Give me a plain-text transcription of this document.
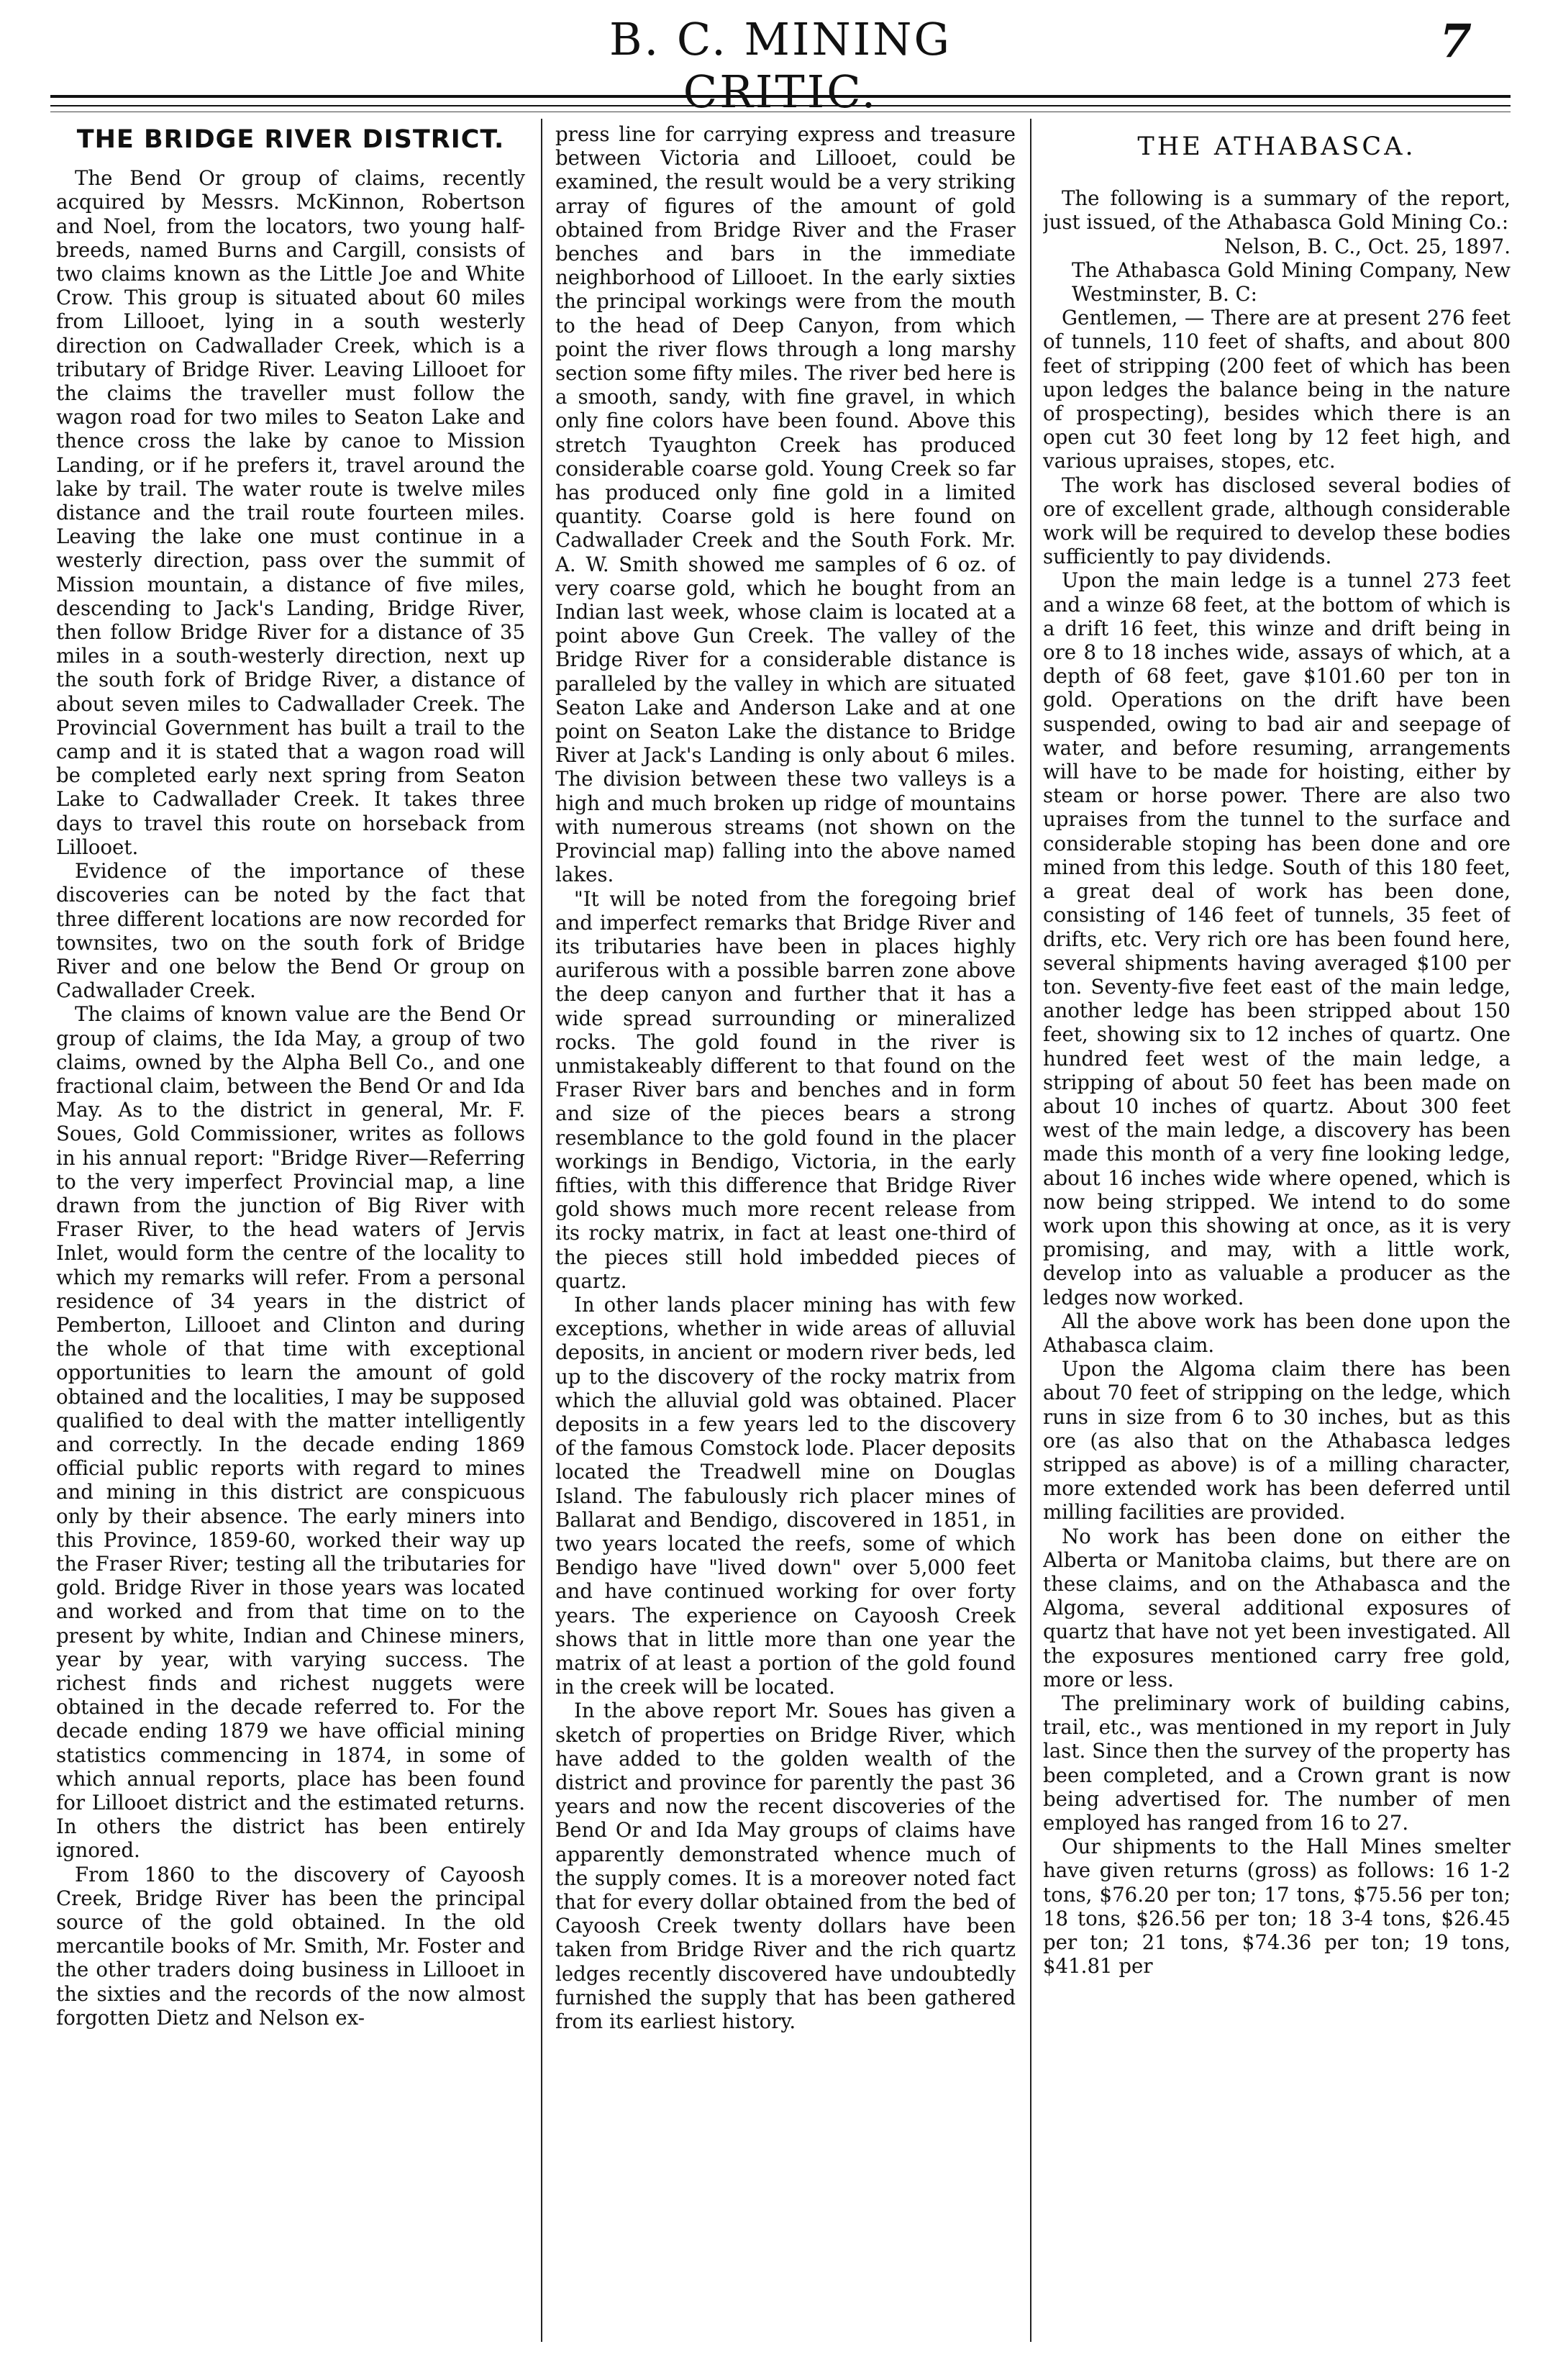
B. C. MINING CRITIC.
7
THE BRIDGE RIVER DISTRICT.

The Bend Or group of claims, recently acquired by Messrs. McKinnon, Robertson and Noel, from the locators, two young half-breeds, named Burns and Cargill, consists of two claims known as the Little Joe and White Crow. This group is situated about 60 miles from Lillooet, lying in a south westerly direction on Cadwallader Creek, which is a tributary of Bridge River. Leaving Lillooet for the claims the traveller must follow the wagon road for two miles to Seaton Lake and thence cross the lake by canoe to Mission Landing, or if he prefers it, travel around the lake by trail. The water route is twelve miles distance and the trail route fourteen miles. Leaving the lake one must continue in a westerly direction, pass over the summit of Mission mountain, a distance of five miles, descending to Jack's Landing, Bridge River, then follow Bridge River for a distance of 35 miles in a south-westerly direction, next up the south fork of Bridge River, a distance of about seven miles to Cadwallader Creek. The Provincial Government has built a trail to the camp and it is stated that a wagon road will be completed early next spring from Seaton Lake to Cadwallader Creek. It takes three days to travel this route on horseback from Lillooet.

Evidence of the importance of these discoveries can be noted by the fact that three different locations are now recorded for townsites, two on the south fork of Bridge River and one below the Bend Or group on Cadwallader Creek.

The claims of known value are the Bend Or group of claims, the Ida May, a group of two claims, owned by the Alpha Bell Co., and one fractional claim, between the Bend Or and Ida May. As to the district in general, Mr. F. Soues, Gold Commissioner, writes as follows in his annual report: "Bridge River—Referring to the very imperfect Provincial map, a line drawn from the junction of Big River with Fraser River, to the head waters of Jervis Inlet, would form the centre of the locality to which my remarks will refer. From a personal residence of 34 years in the district of Pemberton, Lillooet and Clinton and during the whole of that time with exceptional opportunities to learn the amount of gold obtained and the localities, I may be supposed qualified to deal with the matter intelligently and correctly. In the decade ending 1869 official public reports with regard to mines and mining in this district are conspicuous only by their absence. The early miners into this Province, 1859-60, worked their way up the Fraser River; testing all the tributaries for gold. Bridge River in those years was located and worked and from that time on to the present by white, Indian and Chinese miners, year by year, with varying success. The richest finds and richest nuggets were obtained in the decade referred to. For the decade ending 1879 we have official mining statistics commencing in 1874, in some of which annual reports, place has been found for Lillooet district and the estimated returns. In others the district has been entirely ignored.

From 1860 to the discovery of Cayoosh Creek, Bridge River has been the principal source of the gold obtained. In the old mercantile books of Mr. Smith, Mr. Foster and the other traders doing business in Lillooet in the sixties and the records of the now almost forgotten Dietz and Nelson ex-

press line for carrying express and treasure between Victoria and Lillooet, could be examined, the result would be a very striking array of figures of the amount of gold obtained from Bridge River and the Fraser benches and bars in the immediate neighborhood of Lillooet. In the early sixties the principal workings were from the mouth to the head of Deep Canyon, from which point the river flows through a long marshy section some fifty miles. The river bed here is a smooth, sandy, with fine gravel, in which only fine colors have been found. Above this stretch Tyaughton Creek has produced considerable coarse gold. Young Creek so far has produced only fine gold in a limited quantity. Coarse gold is here found on Cadwallader Creek and the South Fork. Mr. A. W. Smith showed me samples of 6 oz. of very coarse gold, which he bought from an Indian last week, whose claim is located at a point above Gun Creek. The valley of the Bridge River for a considerable distance is paralleled by the valley in which are situated Seaton Lake and Anderson Lake and at one point on Seaton Lake the distance to Bridge River at Jack's Landing is only about 6 miles. The division between these two valleys is a high and much broken up ridge of mountains with numerous streams (not shown on the Provincial map) falling into the above named lakes.

"It will be noted from the foregoing brief and imperfect remarks that Bridge River and its tributaries have been in places highly auriferous with a possible barren zone above the deep canyon and further that it has a wide spread surrounding or mineralized rocks. The gold found in the river is unmistakeably different to that found on the Fraser River bars and benches and in form and size of the pieces bears a strong resemblance to the gold found in the placer workings in Bendigo, Victoria, in the early fifties, with this difference that Bridge River gold shows much more recent release from its rocky matrix, in fact at least one-third of the pieces still hold imbedded pieces of quartz.

In other lands placer mining has with few exceptions, whether in wide areas of alluvial deposits, in ancient or modern river beds, led up to the discovery of the rocky matrix from which the alluvial gold was obtained. Placer deposits in a few years led to the discovery of the famous Comstock lode. Placer deposits located the Treadwell mine on Douglas Island. The fabulously rich placer mines of Ballarat and Bendigo, discovered in 1851, in two years located the reefs, some of which Bendigo have "lived down" over 5,000 feet and have continued working for over forty years. The experience on Cayoosh Creek shows that in little more than one year the matrix of at least a portion of the gold found in the creek will be located.

In the above report Mr. Soues has given a sketch of properties on Bridge River, which have added to the golden wealth of the district and province for parently the past 36 years and now the recent discoveries of the Bend Or and Ida May groups of claims have apparently demonstrated whence much of the supply comes. It is a moreover noted fact that for every dollar obtained from the bed of Cayoosh Creek twenty dollars have been taken from Bridge River and the rich quartz ledges recently discovered have undoubtedly furnished the supply that has been gathered from its earliest history.

THE ATHABASCA.

The following is a summary of the report, just issued, of the Athabasca Gold Mining Co.:

Nelson, B. C., Oct. 25, 1897.

The Athabasca Gold Mining Company, New Westminster, B. C:

Gentlemen, — There are at present 276 feet of tunnels, 110 feet of shafts, and about 800 feet of stripping (200 feet of which has been upon ledges the balance being in the nature of prospecting), besides which there is an open cut 30 feet long by 12 feet high, and various upraises, stopes, etc.

The work has disclosed several bodies of ore of excellent grade, although considerable work will be required to develop these bodies sufficiently to pay dividends.

Upon the main ledge is a tunnel 273 feet and a winze 68 feet, at the bottom of which is a drift 16 feet, this winze and drift being in ore 8 to 18 inches wide, assays of which, at a depth of 68 feet, gave $101.60 per ton in gold. Operations on the drift have been suspended, owing to bad air and seepage of water, and before resuming, arrangements will have to be made for hoisting, either by steam or horse power. There are also two upraises from the tunnel to the surface and considerable stoping has been done and ore mined from this ledge. South of this 180 feet, a great deal of work has been done, consisting of 146 feet of tunnels, 35 feet of drifts, etc. Very rich ore has been found here, several shipments having averaged $100 per ton. Seventy-five feet east of the main ledge, another ledge has been stripped about 150 feet, showing six to 12 inches of quartz. One hundred feet west of the main ledge, a stripping of about 50 feet has been made on about 10 inches of quartz. About 300 feet west of the main ledge, a discovery has been made this month of a very fine looking ledge, about 16 inches wide where opened, which is now being stripped. We intend to do some work upon this showing at once, as it is very promising, and may, with a little work, develop into as valuable a producer as the ledges now worked.

All the above work has been done upon the Athabasca claim.

Upon the Algoma claim there has been about 70 feet of stripping on the ledge, which runs in size from 6 to 30 inches, but as this ore (as also that on the Athabasca ledges stripped as above) is of a milling character, more extended work has been deferred until milling facilities are provided.

No work has been done on either the Alberta or Manitoba claims, but there are on these claims, and on the Athabasca and the Algoma, several additional exposures of quartz that have not yet been investigated. All the exposures mentioned carry free gold, more or less.

The preliminary work of building cabins, trail, etc., was mentioned in my report in July last. Since then the survey of the property has been completed, and a Crown grant is now being advertised for. The number of men employed has ranged from 16 to 27.

Our shipments to the Hall Mines smelter have given returns (gross) as follows: 16 1-2 tons, $76.20 per ton; 17 tons, $75.56 per ton; 18 tons, $26.56 per ton; 18 3-4 tons, $26.45 per ton; 21 tons, $74.36 per ton; 19 tons, $41.81 per
